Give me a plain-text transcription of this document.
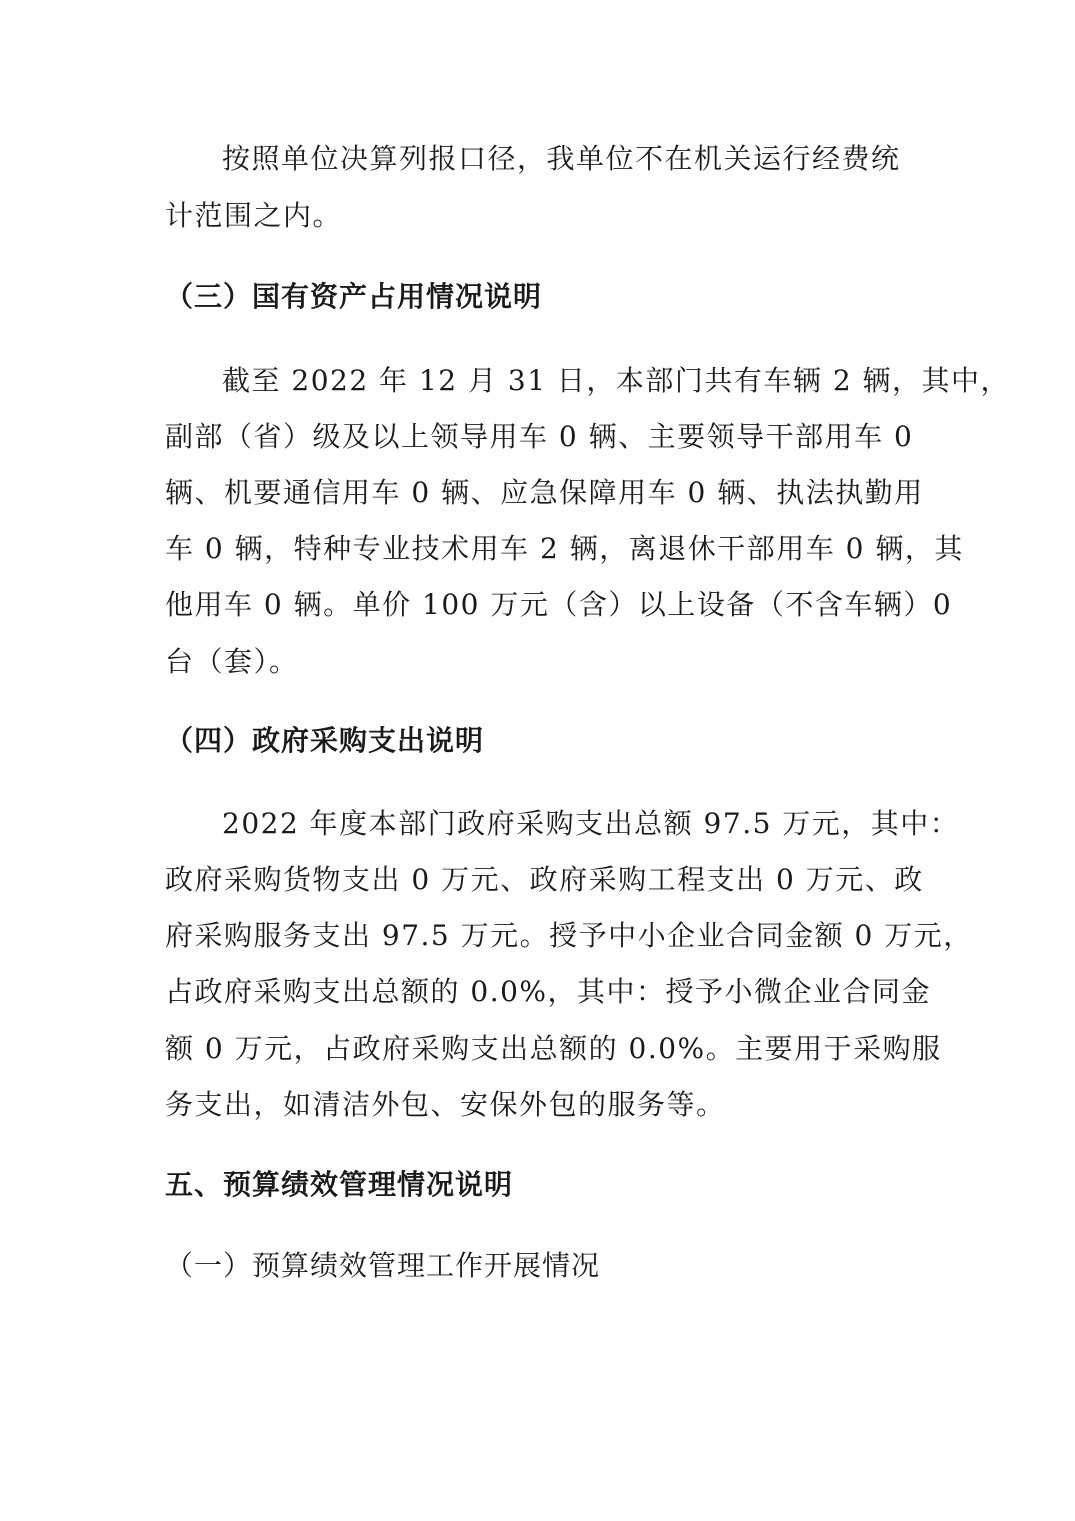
按照单位决算列报口径，我单位不在机关运行经费统
计范围之内。
（三）国有资产占用情况说明
截至 2022 年 12 月 31 日，本部门共有车辆 2 辆，其中，
副部（省）级及以上领导用车 0 辆、主要领导干部用车 0
辆、机要通信用车 0 辆、应急保障用车 0 辆、执法执勤用
车 0 辆，特种专业技术用车 2 辆，离退休干部用车 0 辆，其
他用车 0 辆。单价 100 万元（含）以上设备（不含车辆）0
台（套）。
（四）政府采购支出说明
2022 年度本部门政府采购支出总额 97.5 万元，其中：
政府采购货物支出 0 万元、政府采购工程支出 0 万元、政
府采购服务支出 97.5 万元。授予中小企业合同金额 0 万元，
占政府采购支出总额的 0.0%，其中：授予小微企业合同金
额 0 万元，占政府采购支出总额的 0.0%。主要用于采购服
务支出，如清洁外包、安保外包的服务等。
五、预算绩效管理情况说明
（一）预算绩效管理工作开展情况
